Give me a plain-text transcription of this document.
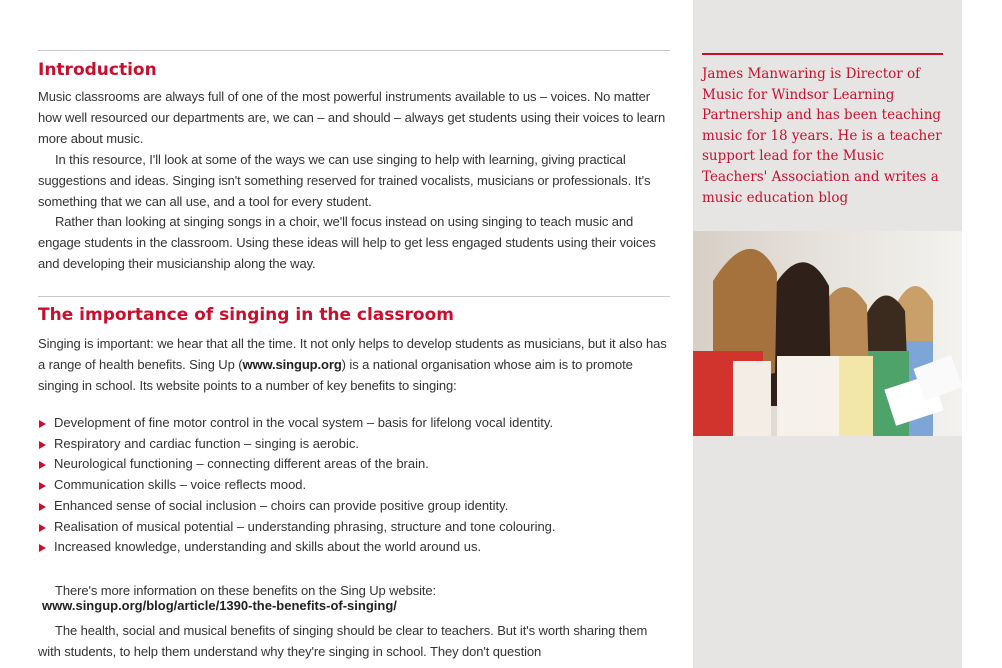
Introduction

Music classrooms are always full of one of the most powerful instruments available to us – voices. No matter how well resourced our departments are, we can – and should – always get students using their voices to learn more about music.

In this resource, I'll look at some of the ways we can use singing to help with learning, giving practical suggestions and ideas. Singing isn't something reserved for trained vocalists, musicians or professionals. It's something that we can all use, and a tool for every student.

Rather than looking at singing songs in a choir, we'll focus instead on using singing to teach music and engage students in the classroom. Using these ideas will help to get less engaged students using their voices and developing their musicianship along the way.

The importance of singing in the classroom

Singing is important: we hear that all the time. It not only helps to develop students as musicians, but it also has a range of health benefits. Sing Up (www.singup.org) is a national organisation whose aim is to promote singing in school. Its website points to a number of key benefits to singing:

Development of fine motor control in the vocal system – basis for lifelong vocal identity.
Respiratory and cardiac function – singing is aerobic.
Neurological functioning – connecting different areas of the brain.
Communication skills – voice reflects mood.
Enhanced sense of social inclusion – choirs can provide positive group identity.
Realisation of musical potential – understanding phrasing, structure and tone colouring.
Increased knowledge, understanding and skills about the world around us.

There's more information on these benefits on the Sing Up website:

www.singup.org/blog/article/1390-the-benefits-of-singing/

The health, social and musical benefits of singing should be clear to teachers. But it's worth sharing them with students, to help them understand why they're singing in school. They don't question

James Manwaring is Director of Music for Windsor Learning Partnership and has been teaching music for 18 years. He is a teacher support lead for the Music Teachers' Association and writes a music education blog
